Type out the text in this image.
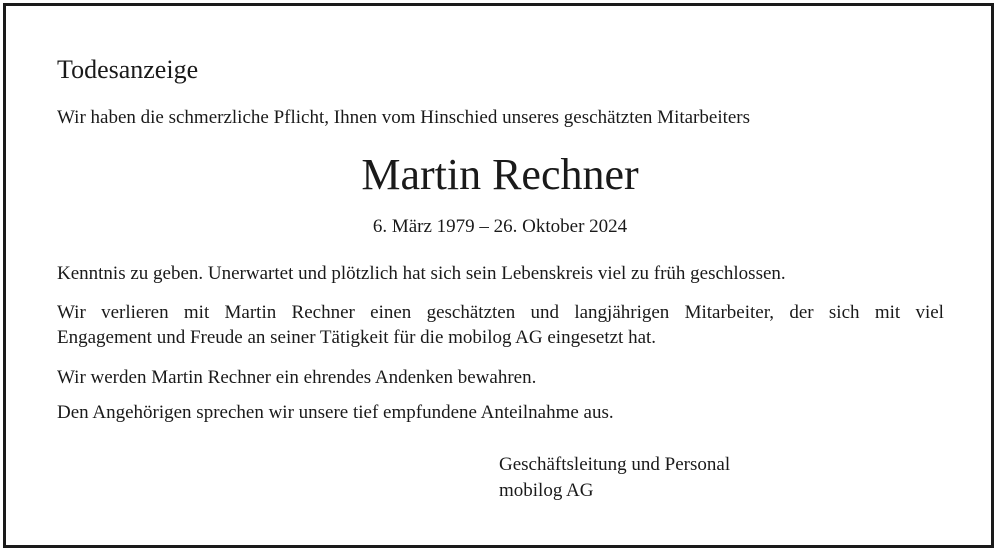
Todesanzeige
Wir haben die schmerzliche Pflicht, Ihnen vom Hinschied unseres geschätzten Mitarbeiters
Martin Rechner
6. März 1979 – 26. Oktober 2024
Kenntnis zu geben. Unerwartet und plötzlich hat sich sein Lebenskreis viel zu früh geschlossen.
Wir verlieren mit Martin Rechner einen geschätzten und langjährigen Mitarbeiter, der sich mit viel
Engagement und Freude an seiner Tätigkeit für die mobilog AG eingesetzt hat.
Wir werden Martin Rechner ein ehrendes Andenken bewahren.
Den Angehörigen sprechen wir unsere tief empfundene Anteilnahme aus.
Geschäftsleitung und Personal
mobilog AG
